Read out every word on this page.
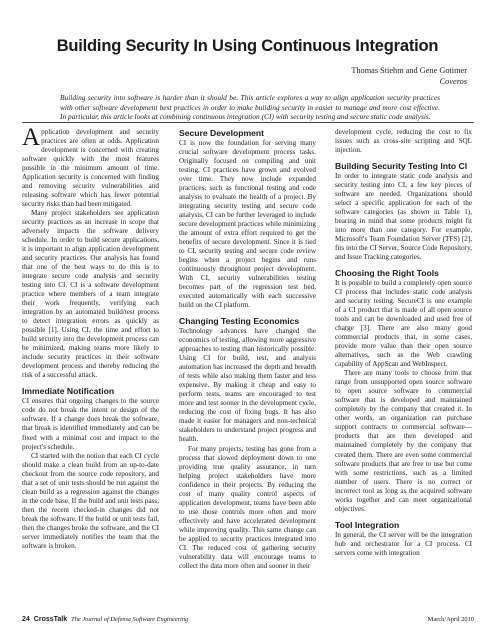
Building Security In Using Continuous Integration
Thomas Stiehm and Gene Gotimer
Coveros
Building security into software is harder than it should be. This article explores a way to align application security practices with other software development best practices in order to make building security in easier to manage and more cost effective. In particular, this article looks at combining continuous integration (CI) with security testing and secure static code analysis.

Application development and security practices are often at odds. Application development is concerned with creating software quickly with the most features possible in the minimum amount of time. Application security is concerned with finding and removing security vulnerabilities and releasing software which has fewer potential security risks than had been mitigated.

Many project stakeholders see application security practices as an increase in scope that adversely impacts the software delivery schedule. In order to build secure applications, it is important to align application development and security practices. Our analysis has found that one of the best ways to do this is to integrate secure code analysis and security testing into CI. CI is a software development practice where members of a team integrate their work frequently, verifying each integration by an automated build/test process to detect integration errors as quickly as possible [1]. Using CI, the time and effort to build security into the development process can be minimized, making teams more likely to include security practices in their software development process and thereby reducing the risk of a successful attack.

Immediate Notification

CI ensures that ongoing changes to the source code do not break the intent or design of the software. If a change does break the software, that break is identified immediately and can be fixed with a minimal cost and impact to the project's schedule.

CI started with the notion that each CI cycle should make a clean build from an up-to-date checkout from the source code repository, and that a set of unit tests should be run against the clean build as a regression against the changes in the code base. If the build and unit tests pass, then the recent checked-in changes did not break the software. If the build or unit tests fail, then the changes broke the software, and the CI server immediately notifies the team that the software is broken.

Secure Development

CI is now the foundation for serving many crucial software development process tasks. Originally focused on compiling and unit testing, CI practices have grown and evolved over time. They now include expanded practices, such as functional testing and code analysis to evaluate the health of a project. By integrating security testing and secure code analysis, CI can be further leveraged to include secure development practices while minimizing the amount of extra effort required to get the benefits of secure development. Since it is tied to CI, security testing and secure code review begins when a project begins and runs continuously throughout project development. With CI, security vulnerabilities testing becomes part of the regression test bed, executed automatically with each successive build on the CI platform.

Changing Testing Economics

Technology advances have changed the economics of testing, allowing more aggressive approaches to testing than historically possible. Using CI for build, test, and analysis automation has increased the depth and breadth of tests while also making them faster and less expensive. By making it cheap and easy to perform tests, teams are encouraged to test more and test sooner in the development cycle, reducing the cost of fixing bugs. It has also made it easier for managers and non-technical stakeholders to understand project progress and health.

For many projects, testing has gone from a process that slowed deployment down to one providing true quality assurance, in turn helping project stakeholders have more confidence in their projects. By reducing the cost of many quality control aspects of application development, teams have been able to use those controls more often and more effectively and have accelerated development while improving quality. This same change can be applied to security practices integrated into CI. The reduced cost of gathering security vulnerability data will encourage teams to collect the data more often and sooner in their

development cycle, reducing the cost to fix issues such as cross-site scripting and SQL injection.

Building Security Testing Into CI

In order to integrate static code analysis and security testing into CI, a few key pieces of software are needed. Organizations should select a specific application for each of the software categories (as shown in Table 1), bearing in mind that some products might fit into more than one category. For example, Microsoft's Team Foundation Server (TFS) [2], fits into the CI Server, Source Code Repository, and Issue Tracking categories.

Choosing the Right Tools

It is possible to build a completely open source CI process that includes static code analysis and security testing. SecureCI is one example of a CI product that is made of all open source tools and can be downloaded and used free of charge [3]. There are also many good commercial products that, in some cases, provide more value than their open source alternatives, such as the Web crawling capability of AppScan and WebInspect.

There are many tools to choose from that range from unsupported open source software to open source software to commercial software that is developed and maintained completely by the company that created it. In other words, an organization can purchase support contracts to commercial software—products that are then developed and maintained completely by the company that created them. There are even some commercial software products that are free to use but come with some restrictions, such as a limited number of users. There is no correct or incorrect tool as long as the acquired software works together and can meet organizational objectives.

Tool Integration

In general, the CI server will be the integration hub and orchestrator for a CI process. CI servers come with integration

24 CrossTalk The Journal of Defense Software Engineering	March/April 2010
